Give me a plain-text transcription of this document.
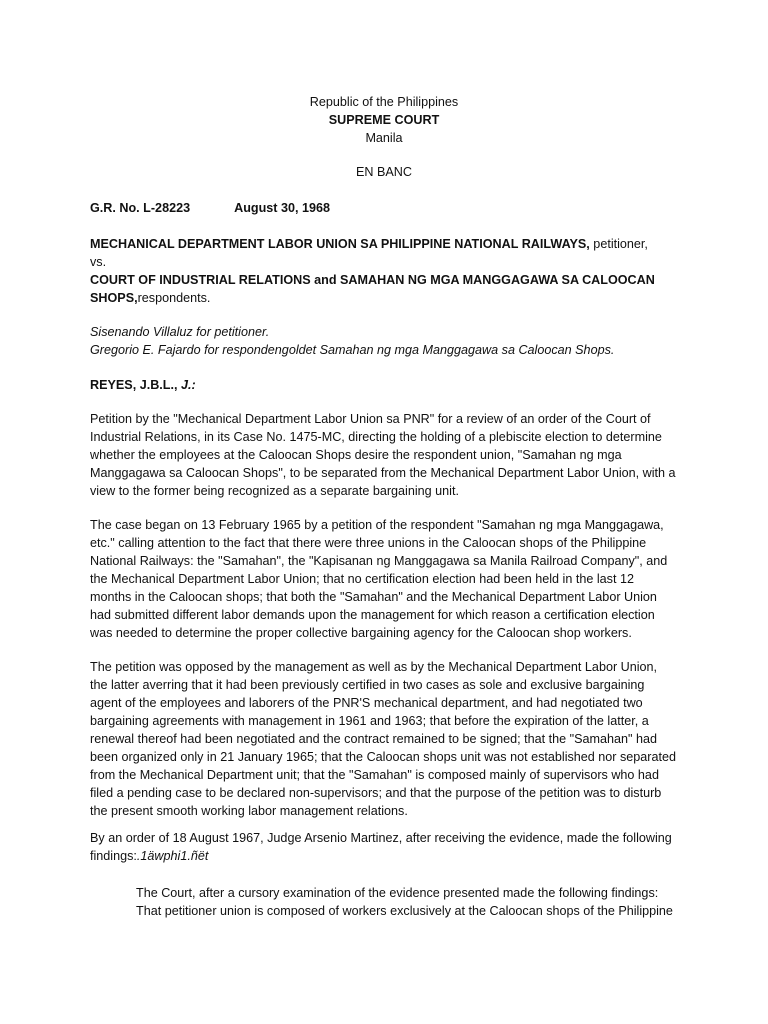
Republic of the Philippines
SUPREME COURT
Manila
EN BANC
G.R. No. L-28223	August 30, 1968
MECHANICAL DEPARTMENT LABOR UNION SA PHILIPPINE NATIONAL RAILWAYS, petitioner,
vs.
COURT OF INDUSTRIAL RELATIONS and SAMAHAN NG MGA MANGGAGAWA SA CALOOCAN
SHOPS,respondents.
Sisenando Villaluz for petitioner.
Gregorio E. Fajardo for respondengoldet Samahan ng mga Manggagawa sa Caloocan Shops.
REYES, J.B.L., J.:
Petition by the "Mechanical Department Labor Union sa PNR" for a review of an order of the Court of
Industrial Relations, in its Case No. 1475-MC, directing the holding of a plebiscite election to determine
whether the employees at the Caloocan Shops desire the respondent union, "Samahan ng mga
Manggagawa sa Caloocan Shops", to be separated from the Mechanical Department Labor Union, with a
view to the former being recognized as a separate bargaining unit.
The case began on 13 February 1965 by a petition of the respondent "Samahan ng mga Manggagawa,
etc." calling attention to the fact that there were three unions in the Caloocan shops of the Philippine
National Railways: the "Samahan", the "Kapisanan ng Manggagawa sa Manila Railroad Company", and
the Mechanical Department Labor Union; that no certification election had been held in the last 12
months in the Caloocan shops; that both the "Samahan" and the Mechanical Department Labor Union
had submitted different labor demands upon the management for which reason a certification election
was needed to determine the proper collective bargaining agency for the Caloocan shop workers.
The petition was opposed by the management as well as by the Mechanical Department Labor Union,
the latter averring that it had been previously certified in two cases as sole and exclusive bargaining
agent of the employees and laborers of the PNR'S mechanical department, and had negotiated two
bargaining agreements with management in 1961 and 1963; that before the expiration of the latter, a
renewal thereof had been negotiated and the contract remained to be signed; that the "Samahan" had
been organized only in 21 January 1965; that the Caloocan shops unit was not established nor separated
from the Mechanical Department unit; that the "Samahan" is composed mainly of supervisors who had
filed a pending case to be declared non-supervisors; and that the purpose of the petition was to disturb
the present smooth working labor management relations.
By an order of 18 August 1967, Judge Arsenio Martinez, after receiving the evidence, made the following
findings:.1äwphi1.ñët
The Court, after a cursory examination of the evidence presented made the following findings:
That petitioner union is composed of workers exclusively at the Caloocan shops of the Philippine
